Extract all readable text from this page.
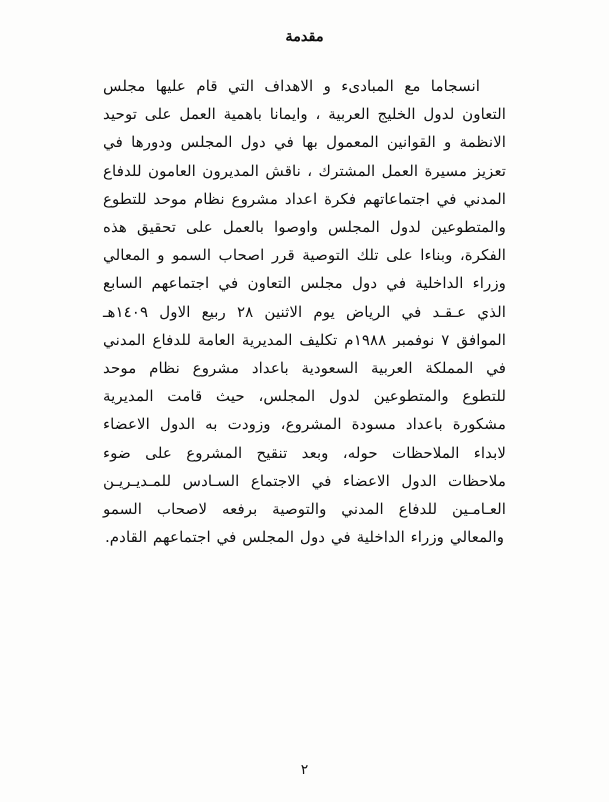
مقدمة

انسجاما مع المبادىء و الاهداف التي قام عليها مجلس التعاون لدول الخليج العربية ، وايمانا باهمية العمل على توحيد الانظمة و القوانين المعمول بها في دول المجلس ودورها في تعزيز مسيرة العمل المشترك ، ناقش المديرون العامون للدفاع المدني في اجتماعاتهم فكرة اعداد مشروع نظام موحد للتطوع والمتطوعين لدول المجلس واوصوا بالعمل على تحقيق هذه الفكرة، وبناءا على تلك التوصية قرر اصحاب السمو و المعالي وزراء الداخلية في دول مجلس التعاون في اجتماعهم السابع الذي عـقـد في الرياض يوم الاثنين ٢٨ ربيع الاول ١٤٠٩هـ الموافق ٧ نوفمبر ١٩٨٨م تكليف المديرية العامة للدفاع المدني في المملكة العربية السعودية باعداد مشروع نظام موحد للتطوع والمتطوعين لدول المجلس، حيث قامت المديرية مشكورة باعداد مسودة المشروع، وزودت به الدول الاعضاء لابداء الملاحظات حوله، وبعد تنقيح المشروع على ضوء ملاحظات الدول الاعضاء في الاجتماع السـادس للمـديـريـن العـامـين للدفاع المدني والتوصية برفعه لاصحاب السمو والمعالي وزراء الداخلية في دول المجلس في اجتماعهم القادم.

٢
